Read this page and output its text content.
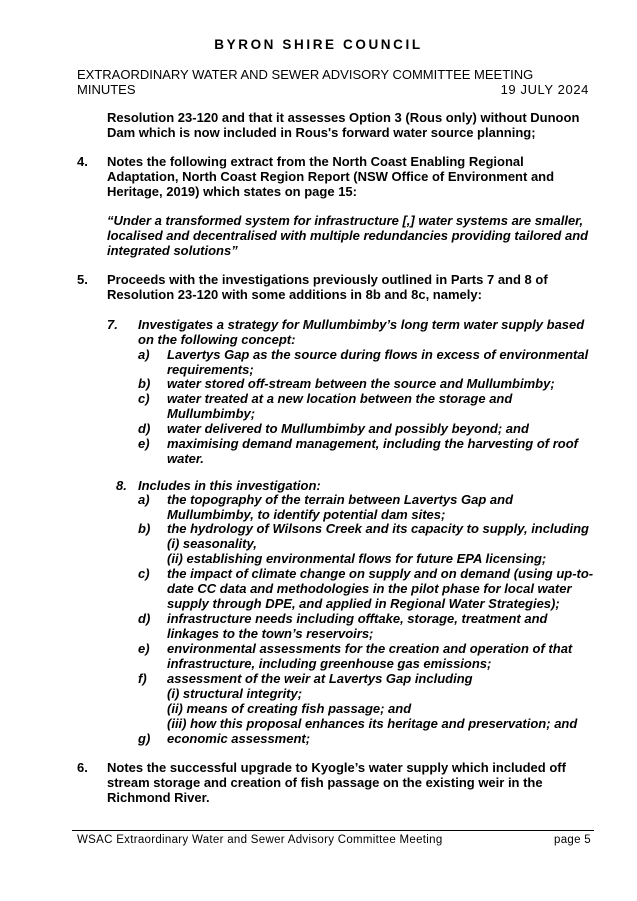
BYRON SHIRE COUNCIL
EXTRAORDINARY WATER AND SEWER ADVISORY COMMITTEE MEETING
MINUTES	19 JULY 2024
Resolution 23-120 and that it assesses Option 3 (Rous only) without Dunoon
Dam which is now included in Rous's forward water source planning;
4. Notes the following extract from the North Coast Enabling Regional
Adaptation, North Coast Region Report (NSW Office of Environment and
Heritage, 2019) which states on page 15:
“Under a transformed system for infrastructure [,] water systems are smaller,
localised and decentralised with multiple redundancies providing tailored and
integrated solutions”
5. Proceeds with the investigations previously outlined in Parts 7 and 8 of
Resolution 23-120 with some additions in 8b and 8c, namely:
7. Investigates a strategy for Mullumbimby’s long term water supply based
on the following concept:
a) Lavertys Gap as the source during flows in excess of environmental
requirements;
b) water stored off-stream between the source and Mullumbimby;
c) water treated at a new location between the storage and
Mullumbimby;
d) water delivered to Mullumbimby and possibly beyond; and
e) maximising demand management, including the harvesting of roof
water.
8. Includes in this investigation:
a) the topography of the terrain between Lavertys Gap and
Mullumbimby, to identify potential dam sites;
b) the hydrology of Wilsons Creek and its capacity to supply, including
(i) seasonality,
(ii) establishing environmental flows for future EPA licensing;
c) the impact of climate change on supply and on demand (using up-to-
date CC data and methodologies in the pilot phase for local water
supply through DPE, and applied in Regional Water Strategies);
d) infrastructure needs including offtake, storage, treatment and
linkages to the town’s reservoirs;
e) environmental assessments for the creation and operation of that
infrastructure, including greenhouse gas emissions;
f) assessment of the weir at Lavertys Gap including
(i) structural integrity;
(ii) means of creating fish passage; and
(iii) how this proposal enhances its heritage and preservation; and
g) economic assessment;
6. Notes the successful upgrade to Kyogle’s water supply which included off
stream storage and creation of fish passage on the existing weir in the
Richmond River.
WSAC Extraordinary Water and Sewer Advisory Committee Meeting	page 5
